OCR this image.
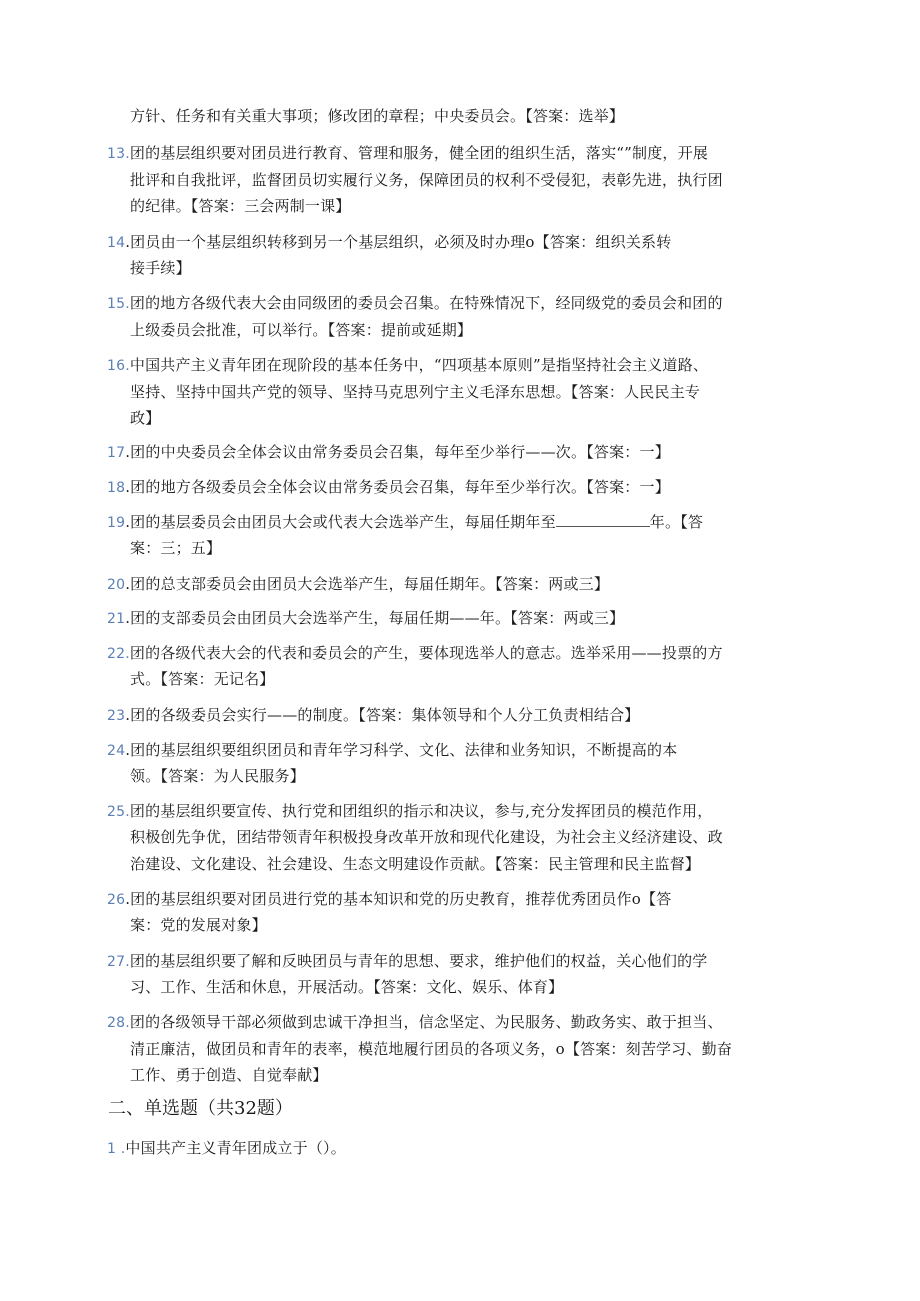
方针、任务和有关重大事项；修改团的章程；中央委员会。【答案：选举】
13.团的基层组织要对团员进行教育、管理和服务，健全团的组织生活，落实“”制度，开展
批评和自我批评，监督团员切实履行义务，保障团员的权利不受侵犯，表彰先进，执行团
的纪律。【答案：三会两制一课】
14.团员由一个基层组织转移到另一个基层组织，必须及时办理o【答案：组织关系转
接手续】
15.团的地方各级代表大会由同级团的委员会召集。在特殊情况下，经同级党的委员会和团的
上级委员会批准，可以举行。【答案：提前或延期】
16.中国共产主义青年团在现阶段的基本任务中，“四项基本原则”是指坚持社会主义道路、
坚持、坚持中国共产党的领导、坚持马克思列宁主义毛泽东思想。【答案：人民民主专
政】
17.团的中央委员会全体会议由常务委员会召集，每年至少举行——次。【答案：一】
18.团的地方各级委员会全体会议由常务委员会召集，每年至少举行次。【答案：一】
19.团的基层委员会由团员大会或代表大会选举产生，每届任期年至	年。【答
案：三；五】
20.团的总支部委员会由团员大会选举产生，每届任期年。【答案：两或三】
21.团的支部委员会由团员大会选举产生，每届任期——年。【答案：两或三】
22.团的各级代表大会的代表和委员会的产生，要体现选举人的意志。选举采用——投票的方
式。【答案：无记名】
23.团的各级委员会实行——的制度。【答案：集体领导和个人分工负责相结合】
24.团的基层组织要组织团员和青年学习科学、文化、法律和业务知识，不断提高的本
领。【答案：为人民服务】
25.团的基层组织要宣传、执行党和团组织的指示和决议，参与,充分发挥团员的模范作用，
积极创先争优，团结带领青年积极投身改革开放和现代化建设，为社会主义经济建设、政
治建设、文化建设、社会建设、生态文明建设作贡献。【答案：民主管理和民主监督】
26.团的基层组织要对团员进行党的基本知识和党的历史教育，推荐优秀团员作o【答
案：党的发展对象】
27.团的基层组织要了解和反映团员与青年的思想、要求，维护他们的权益，关心他们的学
习、工作、生活和休息，开展活动。【答案：文化、娱乐、体育】
28.团的各级领导干部必须做到忠诚干净担当，信念坚定、为民服务、勤政务实、敢于担当、
清正廉洁，做团员和青年的表率，模范地履行团员的各项义务，o【答案：刻苦学习、勤奋
工作、勇于创造、自觉奉献】
二、单选题（共32题）
1 .中国共产主义青年团成立于（）。
